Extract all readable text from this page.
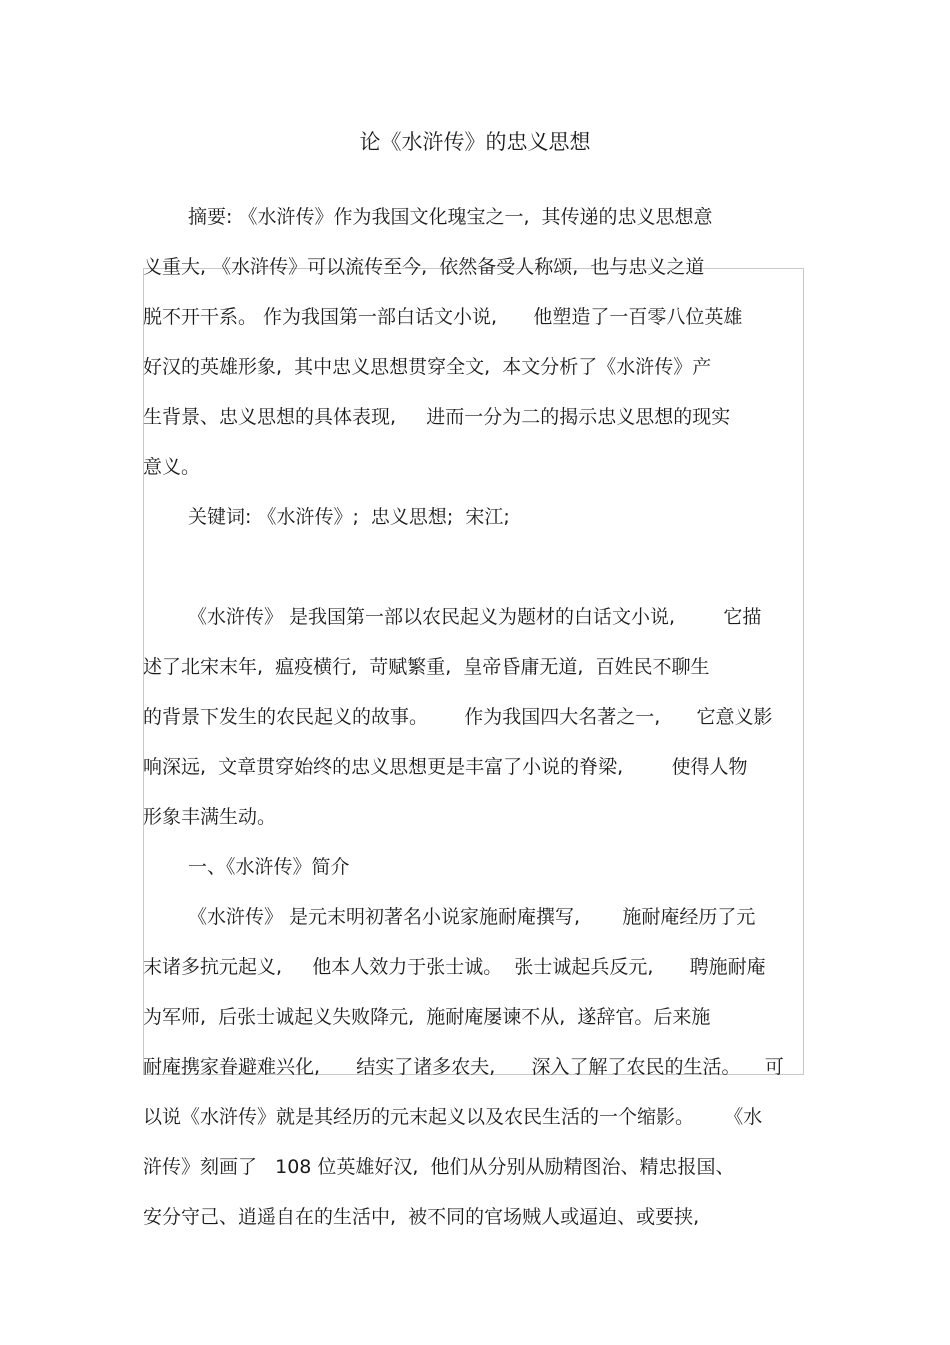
论《水浒传》的忠义思想
摘要: 《水浒传》作为我国文化瑰宝之一,  其传递的忠义思想意
义重大, 《水浒传》可以流传至今,  依然备受人称颂,  也与忠义之道
脱不开干系。 作为我国第一部白话文小说,      他塑造了一百零八位英雄
好汉的英雄形象,  其中忠义思想贯穿全文,  本文分析了《水浒传》产
生背景、忠义思想的具体表现,     进而一分为二的揭示忠义思想的现实
意义。
关键词: 《水浒传》;  忠义思想;  宋江;
《水浒传》 是我国第一部以农民起义为题材的白话文小说,        它描
述了北宋末年,  瘟疫横行,  苛赋繁重,  皇帝昏庸无道,  百姓民不聊生
的背景下发生的农民起义的故事。      作为我国四大名著之一,      它意义影
响深远,  文章贯穿始终的忠义思想更是丰富了小说的脊梁,        使得人物
形象丰满生动。
一、《水浒传》简介
《水浒传》 是元末明初著名小说家施耐庵撰写,       施耐庵经历了元
末诸多抗元起义,     他本人效力于张士诚。  张士诚起兵反元,      聘施耐庵
为军师,  后张士诚起义失败降元,  施耐庵屡谏不从,  遂辞官。后来施
耐庵携家眷避难兴化,      结实了诸多农夫,      深入了解了农民的生活。    可
以说《水浒传》就是其经历的元末起义以及农民生活的一个缩影。     《水
浒传》刻画了   108 位英雄好汉,  他们从分别从励精图治、精忠报国、
安分守己、逍遥自在的生活中,  被不同的官场贼人或逼迫、或要挟,
